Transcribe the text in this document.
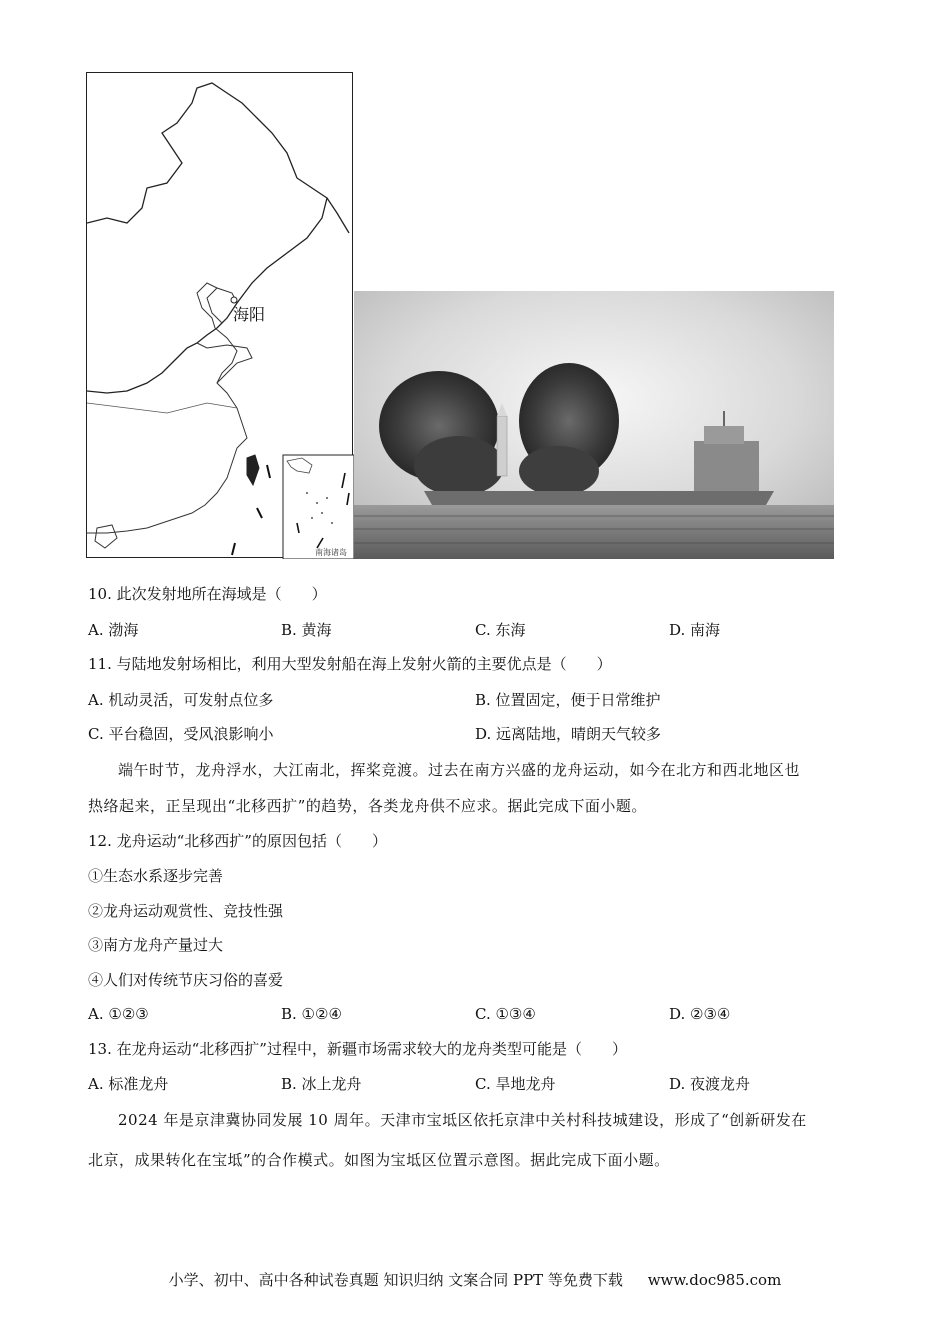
海阳
南海诸岛
10. 此次发射地所在海域是（　　）
A. 渤海	B. 黄海	C. 东海	D. 南海
11. 与陆地发射场相比，利用大型发射船在海上发射火箭的主要优点是（　　）
A. 机动灵活，可发射点位多	B. 位置固定，便于日常维护
C. 平台稳固，受风浪影响小	D. 远离陆地，晴朗天气较多
端午时节，龙舟浮水，大江南北，挥桨竞渡。过去在南方兴盛的龙舟运动，如今在北方和西北地区也
热络起来，正呈现出“北移西扩”的趋势，各类龙舟供不应求。据此完成下面小题。
12. 龙舟运动“北移西扩”的原因包括（　　）
①生态水系逐步完善
②龙舟运动观赏性、竞技性强
③南方龙舟产量过大
④人们对传统节庆习俗的喜爱
A. ①②③	B. ①②④	C. ①③④	D. ②③④
13. 在龙舟运动“北移西扩”过程中，新疆市场需求较大的龙舟类型可能是（　　）
A. 标准龙舟	B. 冰上龙舟	C. 旱地龙舟	D. 夜渡龙舟
2024 年是京津冀协同发展 10 周年。天津市宝坻区依托京津中关村科技城建设，形成了“创新研发在
北京，成果转化在宝坻”的合作模式。如图为宝坻区位置示意图。据此完成下面小题。
小学、初中、高中各种试卷真题 知识归纳 文案合同 PPT 等免费下载 www.doc985.com
